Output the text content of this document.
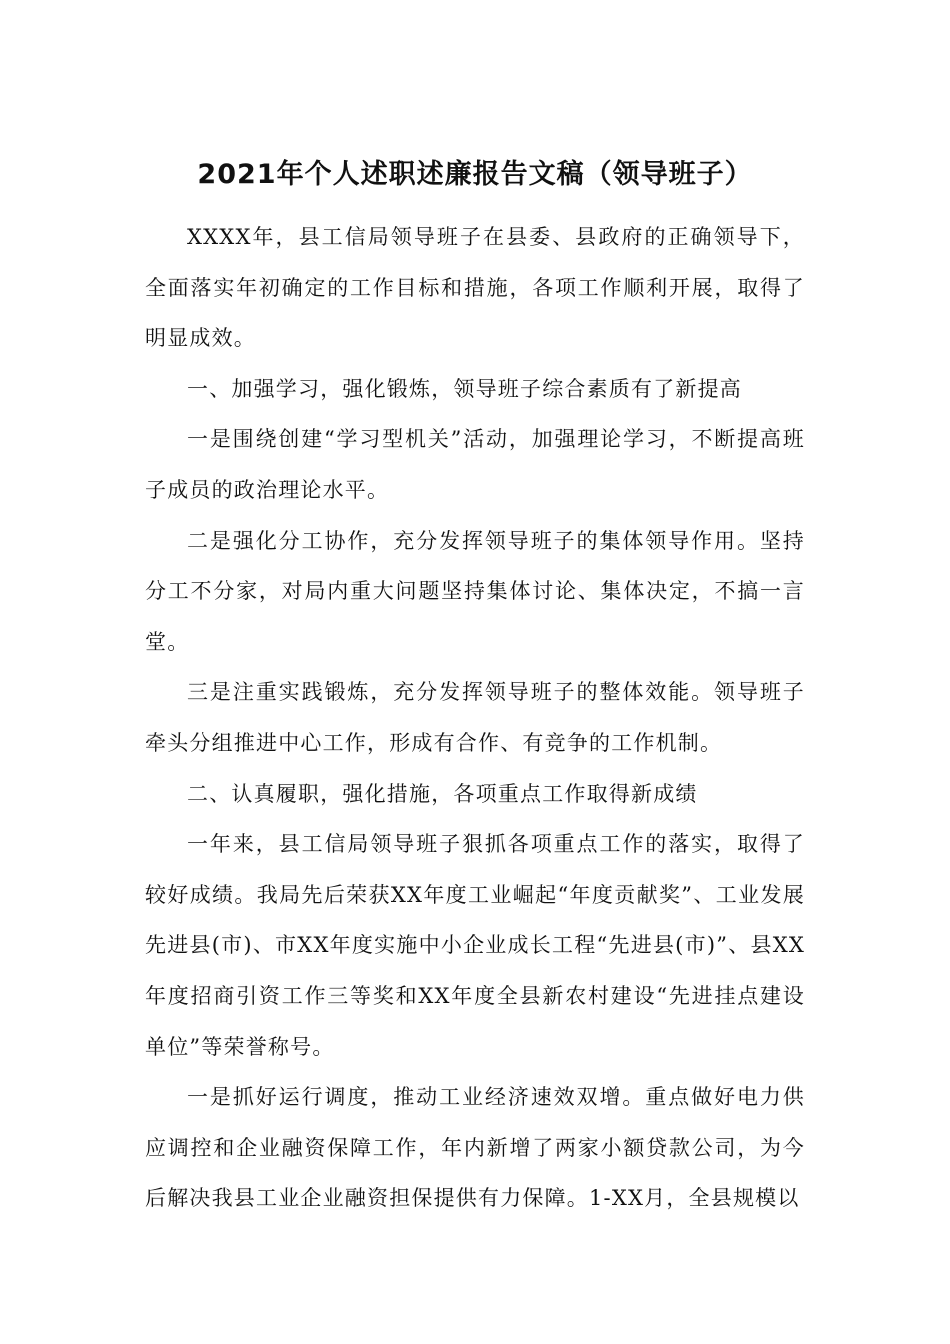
2021年个人述职述廉报告文稿（领导班子）

XXXX年，县工信局领导班子在县委、县政府的正确领导下，全面落实年初确定的工作目标和措施，各项工作顺利开展，取得了明显成效。

一、加强学习，强化锻炼，领导班子综合素质有了新提高

一是围绕创建“学习型机关”活动，加强理论学习，不断提高班子成员的政治理论水平。

二是强化分工协作，充分发挥领导班子的集体领导作用。坚持分工不分家，对局内重大问题坚持集体讨论、集体决定，不搞一言堂。

三是注重实践锻炼，充分发挥领导班子的整体效能。领导班子牵头分组推进中心工作，形成有合作、有竞争的工作机制。

二、认真履职，强化措施，各项重点工作取得新成绩

一年来，县工信局领导班子狠抓各项重点工作的落实，取得了较好成绩。我局先后荣获XX年度工业崛起“年度贡献奖”、工业发展先进县(市)、市XX年度实施中小企业成长工程“先进县(市)”、县XX年度招商引资工作三等奖和XX年度全县新农村建设“先进挂点建设单位”等荣誉称号。

一是抓好运行调度，推动工业经济速效双增。重点做好电力供应调控和企业融资保障工作，年内新增了两家小额贷款公司，为今后解决我县工业企业融资担保提供有力保障。1-XX月，全县规模以
